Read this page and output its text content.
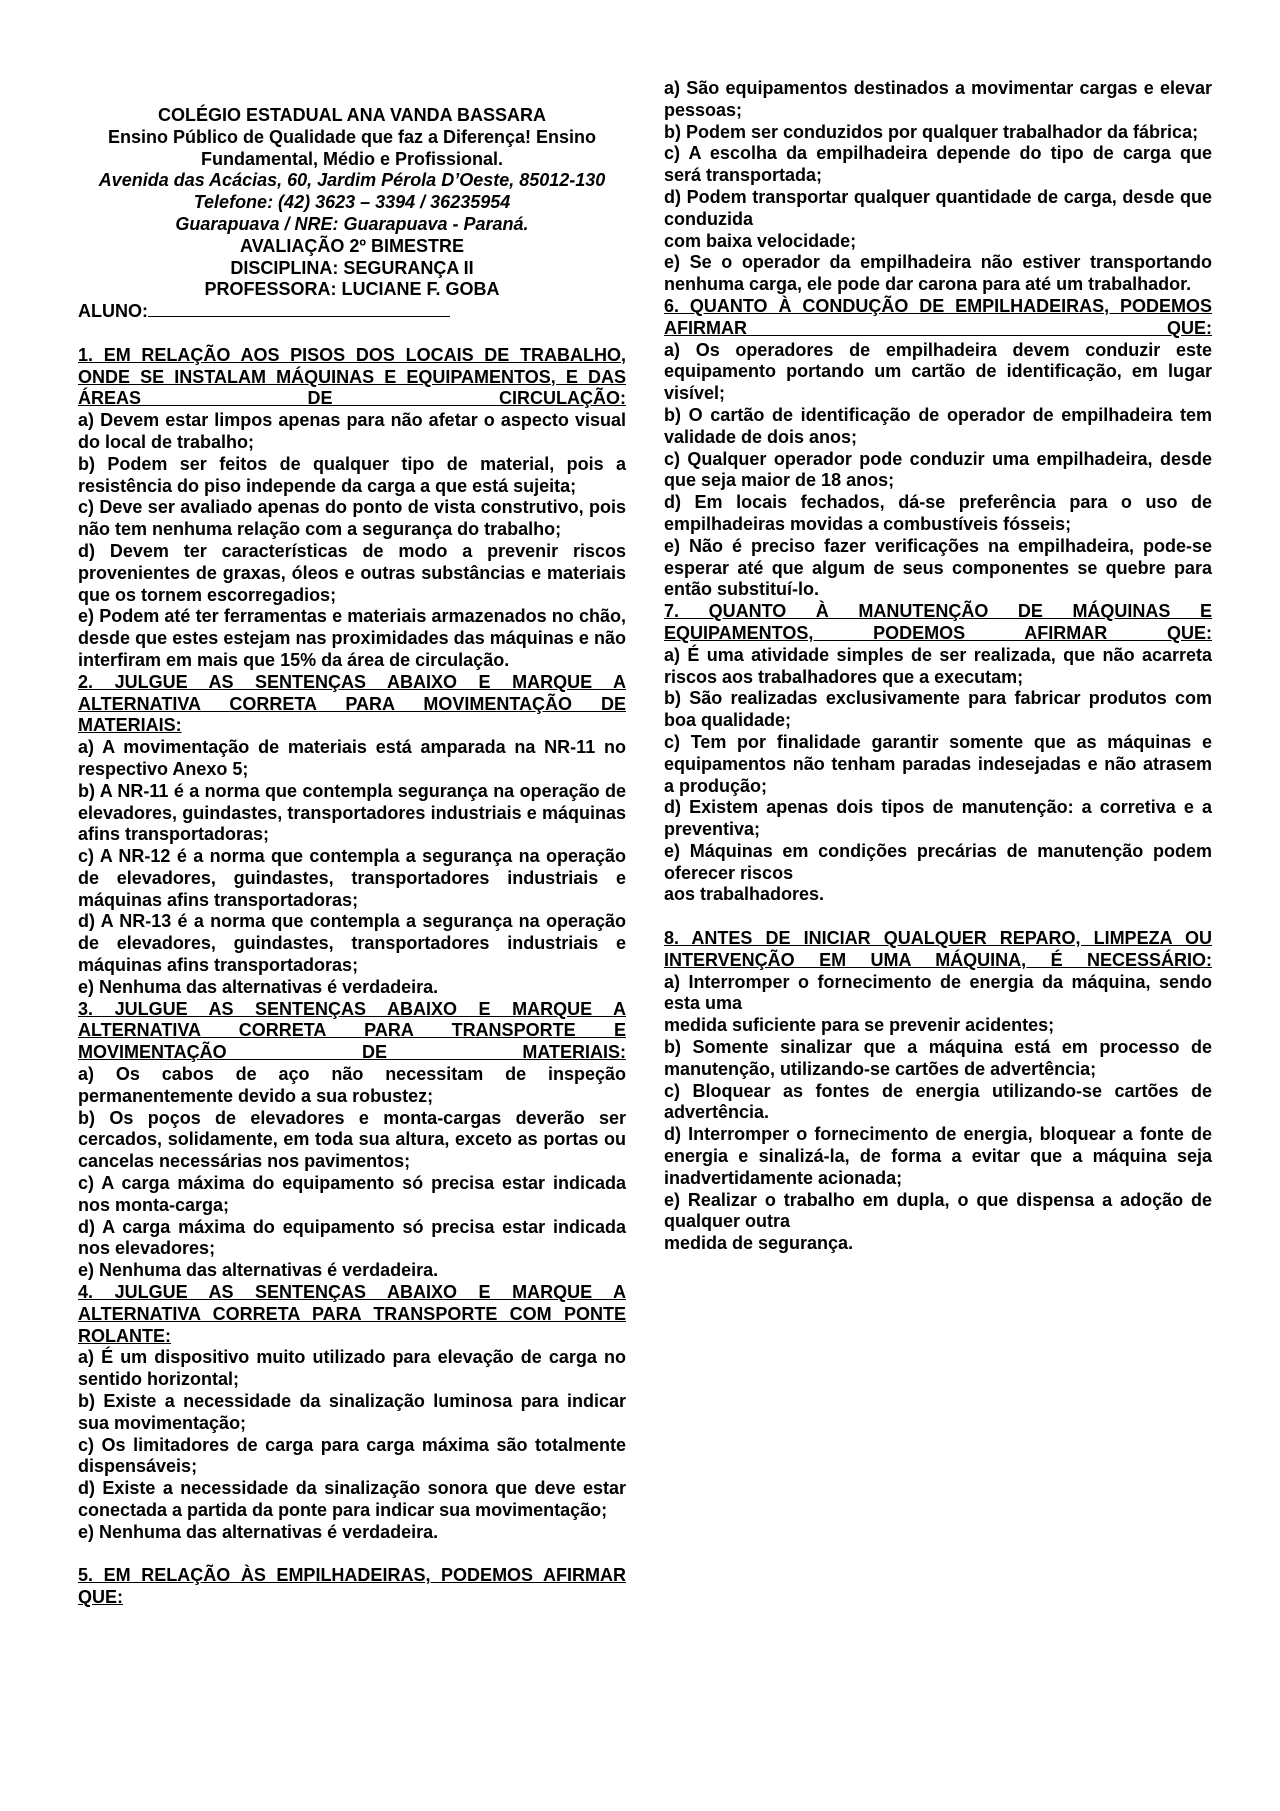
COLÉGIO ESTADUAL ANA VANDA BASSARA

Ensino Público de Qualidade que faz a Diferença! Ensino Fundamental, Médio e Profissional.

Avenida das Acácias, 60, Jardim Pérola D’Oeste, 85012-130

Telefone: (42) 3623 – 3394 / 36235954

Guarapuava / NRE: Guarapuava - Paraná.

AVALIAÇÃO 2º BIMESTRE

DISCIPLINA: SEGURANÇA II

PROFESSORA: LUCIANE F. GOBA

ALUNO:

1. EM RELAÇÃO AOS PISOS DOS LOCAIS DE TRABALHO, ONDE SE INSTALAM MÁQUINAS E EQUIPAMENTOS, E DAS ÁREAS DE CIRCULAÇÃO:

a) Devem estar limpos apenas para não afetar o aspecto visual do local de trabalho;

b) Podem ser feitos de qualquer tipo de material, pois a resistência do piso independe da carga a que está sujeita;

c) Deve ser avaliado apenas do ponto de vista construtivo, pois não tem nenhuma relação com a segurança do trabalho;

d) Devem ter características de modo a prevenir riscos provenientes de graxas, óleos e outras substâncias e materiais que os tornem escorregadios;

e) Podem até ter ferramentas e materiais armazenados no chão, desde que estes estejam nas proximidades das máquinas e não interfiram em mais que 15% da área de circulação.

2. JULGUE AS SENTENÇAS ABAIXO E MARQUE A ALTERNATIVA CORRETA PARA MOVIMENTAÇÃO DE MATERIAIS:

a) A movimentação de materiais está amparada na NR-11 no respectivo Anexo 5;

b) A NR-11 é a norma que contempla segurança na operação de elevadores, guindastes, transportadores industriais e máquinas afins transportadoras;

c) A NR-12 é a norma que contempla a segurança na operação de elevadores, guindastes, transportadores industriais e máquinas afins transportadoras;

d) A NR-13 é a norma que contempla a segurança na operação de elevadores, guindastes, transportadores industriais e máquinas afins transportadoras;

e) Nenhuma das alternativas é verdadeira.

3. JULGUE AS SENTENÇAS ABAIXO E MARQUE A ALTERNATIVA CORRETA PARA TRANSPORTE E MOVIMENTAÇÃO DE MATERIAIS:

a) Os cabos de aço não necessitam de inspeção permanentemente devido a sua robustez;

b) Os poços de elevadores e monta-cargas deverão ser cercados, solidamente, em toda sua altura, exceto as portas ou cancelas necessárias nos pavimentos;

c) A carga máxima do equipamento só precisa estar indicada nos monta-carga;

d) A carga máxima do equipamento só precisa estar indicada nos elevadores;

e) Nenhuma das alternativas é verdadeira.

4. JULGUE AS SENTENÇAS ABAIXO E MARQUE A ALTERNATIVA CORRETA PARA TRANSPORTE COM PONTE ROLANTE:

a) É um dispositivo muito utilizado para elevação de carga no sentido horizontal;

b) Existe a necessidade da sinalização luminosa para indicar sua movimentação;

c) Os limitadores de carga para carga máxima são totalmente dispensáveis;

d) Existe a necessidade da sinalização sonora que deve estar conectada a partida da ponte para indicar sua movimentação;

e) Nenhuma das alternativas é verdadeira.

5. EM RELAÇÃO ÀS EMPILHADEIRAS, PODEMOS AFIRMAR QUE:

a) São equipamentos destinados a movimentar cargas e elevar pessoas;

b) Podem ser conduzidos por qualquer trabalhador da fábrica;

c) A escolha da empilhadeira depende do tipo de carga que será transportada;

d) Podem transportar qualquer quantidade de carga, desde que conduzida

com baixa velocidade;

e) Se o operador da empilhadeira não estiver transportando nenhuma carga, ele pode dar carona para até um trabalhador.

6. QUANTO À CONDUÇÃO DE EMPILHADEIRAS, PODEMOS AFIRMAR QUE:

a) Os operadores de empilhadeira devem conduzir este equipamento portando um cartão de identificação, em lugar visível;

b) O cartão de identificação de operador de empilhadeira tem validade de dois anos;

c) Qualquer operador pode conduzir uma empilhadeira, desde que seja maior de 18 anos;

d) Em locais fechados, dá-se preferência para o uso de empilhadeiras movidas a combustíveis fósseis;

e) Não é preciso fazer verificações na empilhadeira, pode-se esperar até que algum de seus componentes se quebre para então substituí-lo.

7. QUANTO À MANUTENÇÃO DE MÁQUINAS E EQUIPAMENTOS, PODEMOS AFIRMAR QUE:

a) É uma atividade simples de ser realizada, que não acarreta riscos aos trabalhadores que a executam;

b) São realizadas exclusivamente para fabricar produtos com boa qualidade;

c) Tem por finalidade garantir somente que as máquinas e equipamentos não tenham paradas indesejadas e não atrasem a produção;

d) Existem apenas dois tipos de manutenção: a corretiva e a preventiva;

e) Máquinas em condições precárias de manutenção podem oferecer riscos

aos trabalhadores.

8. ANTES DE INICIAR QUALQUER REPARO, LIMPEZA OU INTERVENÇÃO EM UMA MÁQUINA, É NECESSÁRIO:

a) Interromper o fornecimento de energia da máquina, sendo esta uma

medida suficiente para se prevenir acidentes;

b) Somente sinalizar que a máquina está em processo de manutenção, utilizando-se cartões de advertência;

c) Bloquear as fontes de energia utilizando-se cartões de advertência.

d) Interromper o fornecimento de energia, bloquear a fonte de energia e sinalizá-la, de forma a evitar que a máquina seja inadvertidamente acionada;

e) Realizar o trabalho em dupla, o que dispensa a adoção de qualquer outra

medida de segurança.
